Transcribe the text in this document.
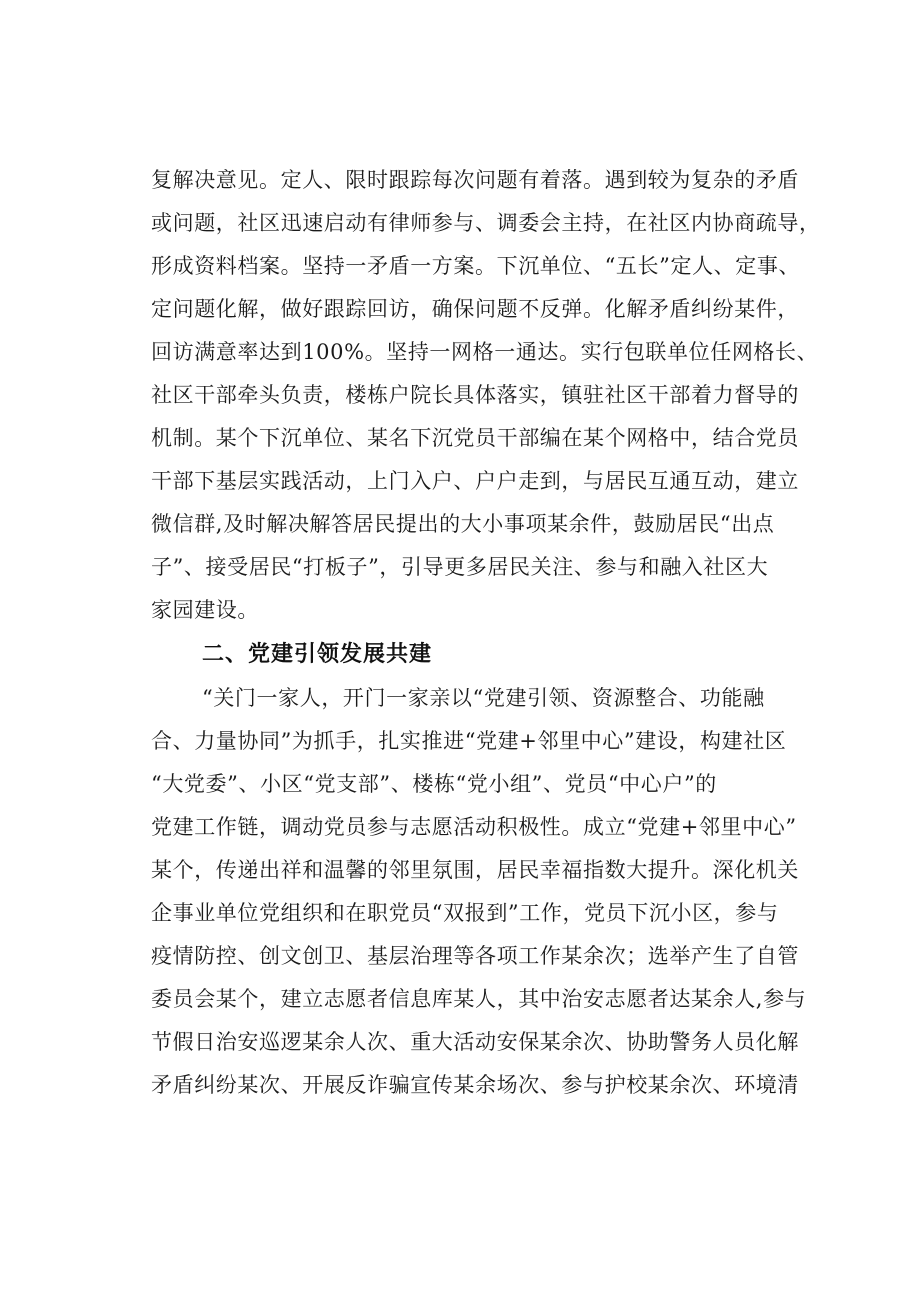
复解决意见。定人、限时跟踪每次问题有着落。遇到较为复杂的矛盾
或问题，社区迅速启动有律师参与、调委会主持，在社区内协商疏导，
形成资料档案。坚持一矛盾一方案。下沉单位、“五长”定人、定事、
定问题化解，做好跟踪回访，确保问题不反弹。化解矛盾纠纷某件，
回访满意率达到100%。坚持一网格一通达。实行包联单位任网格长、
社区干部牵头负责，楼栋户院长具体落实，镇驻社区干部着力督导的
机制。某个下沉单位、某名下沉党员干部编在某个网格中，结合党员
干部下基层实践活动，上门入户、户户走到，与居民互通互动，建立
微信群,及时解决解答居民提出的大小事项某余件，鼓励居民“出点
子”、接受居民“打板子”，引导更多居民关注、参与和融入社区大
家园建设。
二、党建引领发展共建
“关门一家人，开门一家亲以“党建引领、资源整合、功能融
合、力量协同”为抓手，扎实推进“党建+邻里中心”建设，构建社区
“大党委”、小区“党支部”、楼栋“党小组”、党员“中心户”的
党建工作链，调动党员参与志愿活动积极性。成立“党建+邻里中心”
某个，传递出祥和温馨的邻里氛围，居民幸福指数大提升。深化机关
企事业单位党组织和在职党员“双报到”工作，党员下沉小区，参与
疫情防控、创文创卫、基层治理等各项工作某余次；选举产生了自管
委员会某个，建立志愿者信息库某人，其中治安志愿者达某余人,参与
节假日治安巡逻某余人次、重大活动安保某余次、协助警务人员化解
矛盾纠纷某次、开展反诈骗宣传某余场次、参与护校某余次、环境清
